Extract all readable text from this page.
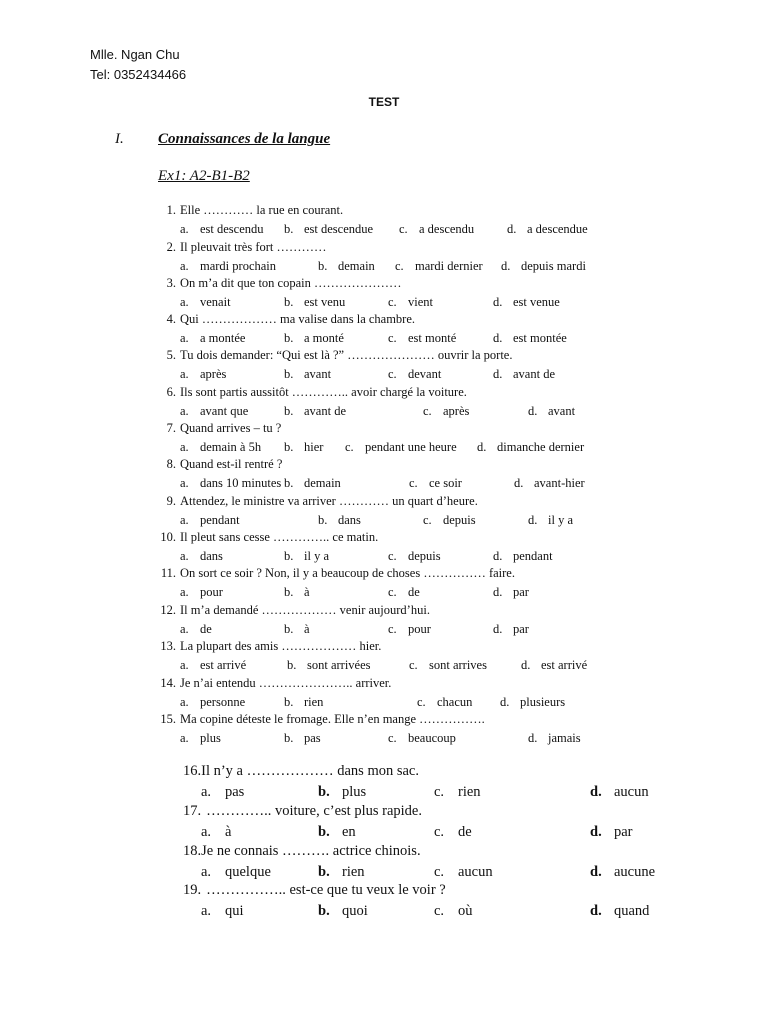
Mlle. Ngan Chu
Tel: 0352434466
TEST
I. Connaissances de la langue
Ex1: A2-B1-B2
1. Elle ………… la rue en courant.
a. est descendu b. est descendue c. a descendu	d. a descendue
2. Il pleuvait très fort …………
a. mardi prochain	b. demain c. mardi dernier d. depuis mardi
3. On m’a dit que ton copain …………………
a. venait	b. est venu	c. vient	d. est venue
4. Qui ……………… ma valise dans la chambre.
a. a montée	b. a monté	c. est monté	d. est montée
5. Tu dois demander: “Qui est là ?” ………………… ouvrir la porte.
a. après	b. avant	c. devant	d. avant de
6. Ils sont partis aussitôt ………….. avoir chargé la voiture.
a. avant que	b. avant de	c. après	d. avant
7. Quand arrives – tu ?
a. demain à 5h b. hier c. pendant une heure d. dimanche dernier
8. Quand est-il rentré ?
a. dans 10 minutes b. demain	c. ce soir	d. avant-hier
9. Attendez, le ministre va arriver ………… un quart d’heure.
a. pendant	b. dans	c. depuis	d. il y a
10. Il pleut sans cesse ………….. ce matin.
a. dans	b. il y a	c. depuis	d. pendant
11. On sort ce soir ? Non, il y a beaucoup de choses …………… faire.
a. pour	b. à	c. de	d. par
12. Il m’a demandé ……………… venir aujourd’hui.
a. de	b. à	c. pour	d. par
13. La plupart des amis ……………… hier.
a. est arrivé	b. sont arrivées	c. sont arrives	d. est arrivé
14. Je n’ai entendu ………………….. arriver.
a. personne	b. rien	c. chacun d. plusieurs
15. Ma copine déteste le fromage. Elle n’en mange …………….
a. plus	b. pas	c. beaucoup	d. jamais
16.Il n’y a ……………… dans mon sac.
a. pas	b. plus	c. rien	d. aucun
17. ………….. voiture, c’est plus rapide.
a. à	b. en	c. de	d. par
18.Je ne connais ………. actrice chinois.
a. quelque	b. rien	c. aucun	d. aucune
19. …………….. est-ce que tu veux le voir ?
a. qui	b. quoi	c. où	d. quand
